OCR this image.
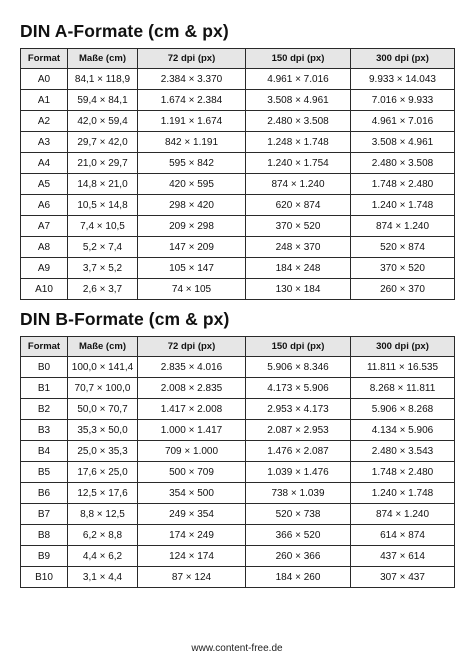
DIN A-Formate (cm & px)
Format	Maße (cm)	72 dpi (px)	150 dpi (px)	300 dpi (px)
A0	84,1 × 118,9	2.384 × 3.370	4.961 × 7.016	9.933 × 14.043
A1	59,4 × 84,1	1.674 × 2.384	3.508 × 4.961	7.016 × 9.933
A2	42,0 × 59,4	1.191 × 1.674	2.480 × 3.508	4.961 × 7.016
A3	29,7 × 42,0	842 × 1.191	1.248 × 1.748	3.508 × 4.961
A4	21,0 × 29,7	595 × 842	1.240 × 1.754	2.480 × 3.508
A5	14,8 × 21,0	420 × 595	874 × 1.240	1.748 × 2.480
A6	10,5 × 14,8	298 × 420	620 × 874	1.240 × 1.748
A7	7,4 × 10,5	209 × 298	370 × 520	874 × 1.240
A8	5,2 × 7,4	147 × 209	248 × 370	520 × 874
A9	3,7 × 5,2	105 × 147	184 × 248	370 × 520
A10	2,6 × 3,7	74 × 105	130 × 184	260 × 370
DIN B-Formate (cm & px)
Format	Maße (cm)	72 dpi (px)	150 dpi (px)	300 dpi (px)
B0	100,0 × 141,4	2.835 × 4.016	5.906 × 8.346	11.811 × 16.535
B1	70,7 × 100,0	2.008 × 2.835	4.173 × 5.906	8.268 × 11.811
B2	50,0 × 70,7	1.417 × 2.008	2.953 × 4.173	5.906 × 8.268
B3	35,3 × 50,0	1.000 × 1.417	2.087 × 2.953	4.134 × 5.906
B4	25,0 × 35,3	709 × 1.000	1.476 × 2.087	2.480 × 3.543
B5	17,6 × 25,0	500 × 709	1.039 × 1.476	1.748 × 2.480
B6	12,5 × 17,6	354 × 500	738 × 1.039	1.240 × 1.748
B7	8,8 × 12,5	249 × 354	520 × 738	874 × 1.240
B8	6,2 × 8,8	174 × 249	366 × 520	614 × 874
B9	4,4 × 6,2	124 × 174	260 × 366	437 × 614
B10	3,1 × 4,4	87 × 124	184 × 260	307 × 437
www.content-free.de
